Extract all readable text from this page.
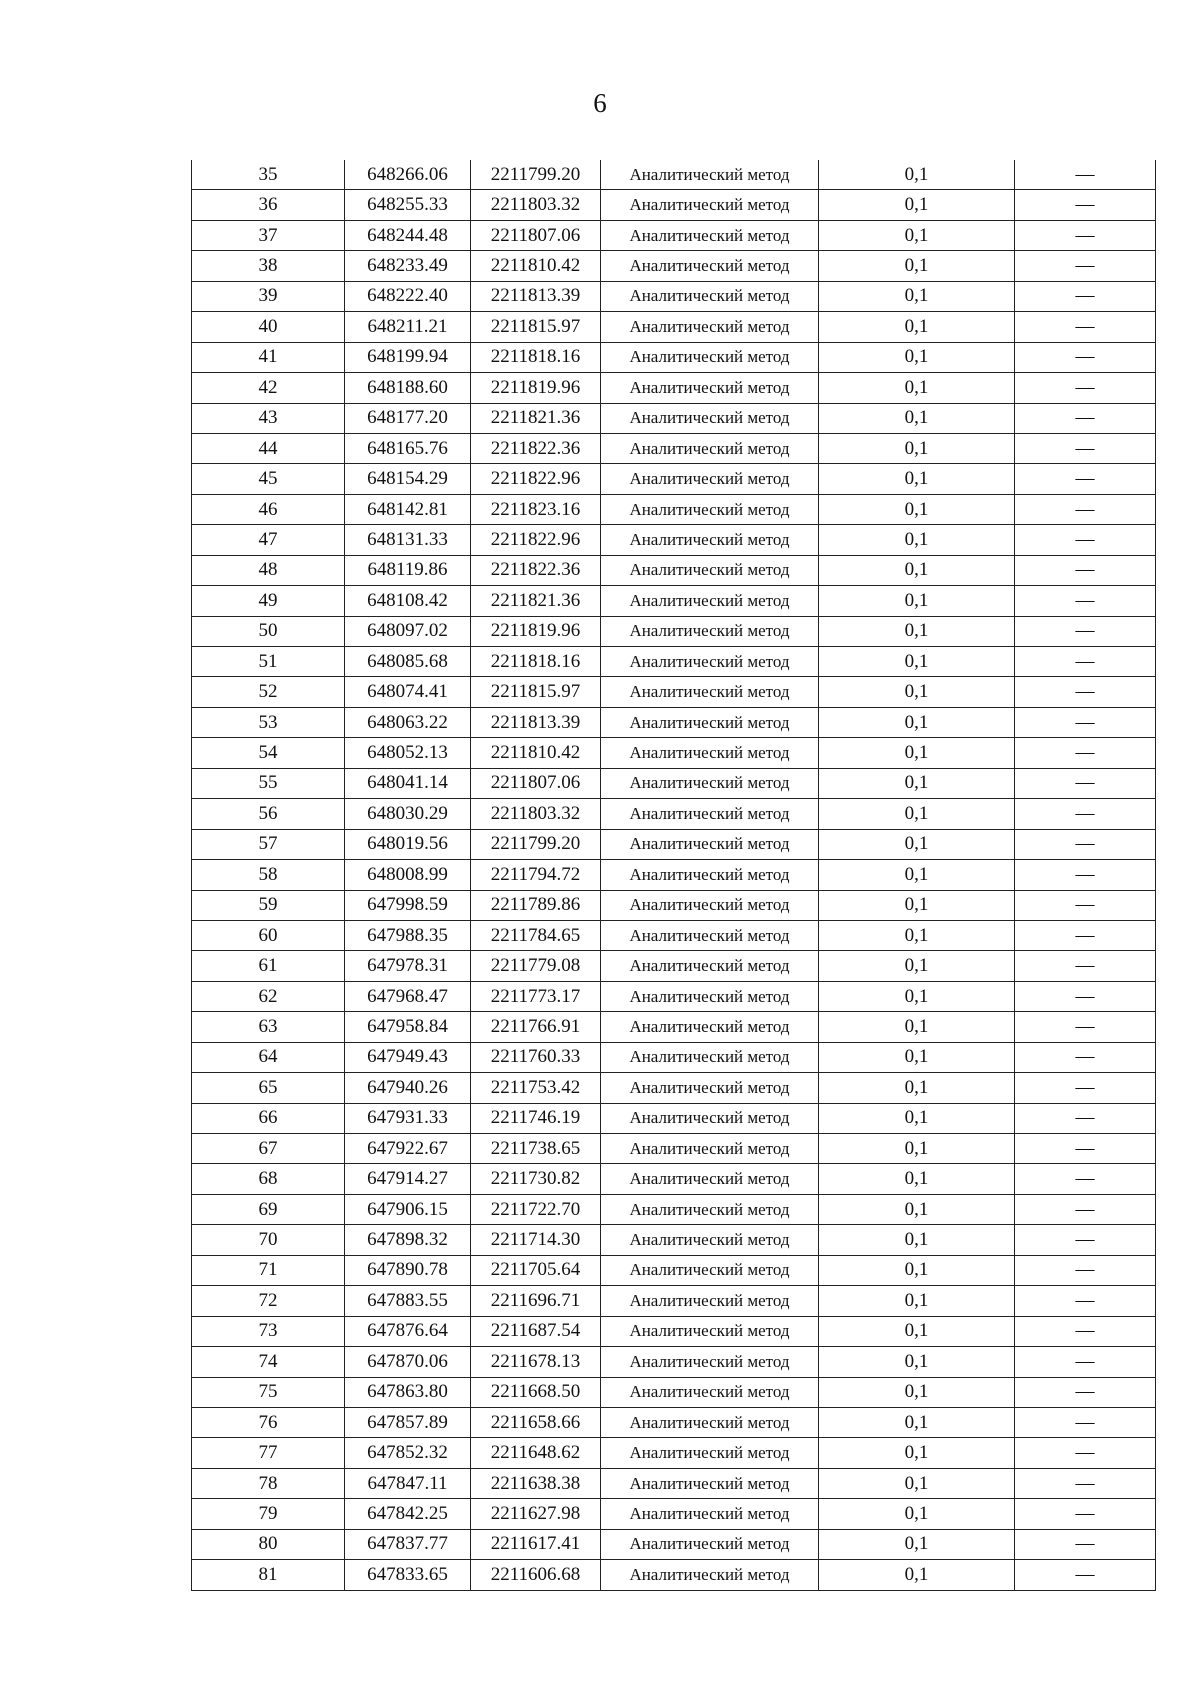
6
35	648266.06	2211799.20	Аналитический метод	0,1	—
36	648255.33	2211803.32	Аналитический метод	0,1	—
37	648244.48	2211807.06	Аналитический метод	0,1	—
38	648233.49	2211810.42	Аналитический метод	0,1	—
39	648222.40	2211813.39	Аналитический метод	0,1	—
40	648211.21	2211815.97	Аналитический метод	0,1	—
41	648199.94	2211818.16	Аналитический метод	0,1	—
42	648188.60	2211819.96	Аналитический метод	0,1	—
43	648177.20	2211821.36	Аналитический метод	0,1	—
44	648165.76	2211822.36	Аналитический метод	0,1	—
45	648154.29	2211822.96	Аналитический метод	0,1	—
46	648142.81	2211823.16	Аналитический метод	0,1	—
47	648131.33	2211822.96	Аналитический метод	0,1	—
48	648119.86	2211822.36	Аналитический метод	0,1	—
49	648108.42	2211821.36	Аналитический метод	0,1	—
50	648097.02	2211819.96	Аналитический метод	0,1	—
51	648085.68	2211818.16	Аналитический метод	0,1	—
52	648074.41	2211815.97	Аналитический метод	0,1	—
53	648063.22	2211813.39	Аналитический метод	0,1	—
54	648052.13	2211810.42	Аналитический метод	0,1	—
55	648041.14	2211807.06	Аналитический метод	0,1	—
56	648030.29	2211803.32	Аналитический метод	0,1	—
57	648019.56	2211799.20	Аналитический метод	0,1	—
58	648008.99	2211794.72	Аналитический метод	0,1	—
59	647998.59	2211789.86	Аналитический метод	0,1	—
60	647988.35	2211784.65	Аналитический метод	0,1	—
61	647978.31	2211779.08	Аналитический метод	0,1	—
62	647968.47	2211773.17	Аналитический метод	0,1	—
63	647958.84	2211766.91	Аналитический метод	0,1	—
64	647949.43	2211760.33	Аналитический метод	0,1	—
65	647940.26	2211753.42	Аналитический метод	0,1	—
66	647931.33	2211746.19	Аналитический метод	0,1	—
67	647922.67	2211738.65	Аналитический метод	0,1	—
68	647914.27	2211730.82	Аналитический метод	0,1	—
69	647906.15	2211722.70	Аналитический метод	0,1	—
70	647898.32	2211714.30	Аналитический метод	0,1	—
71	647890.78	2211705.64	Аналитический метод	0,1	—
72	647883.55	2211696.71	Аналитический метод	0,1	—
73	647876.64	2211687.54	Аналитический метод	0,1	—
74	647870.06	2211678.13	Аналитический метод	0,1	—
75	647863.80	2211668.50	Аналитический метод	0,1	—
76	647857.89	2211658.66	Аналитический метод	0,1	—
77	647852.32	2211648.62	Аналитический метод	0,1	—
78	647847.11	2211638.38	Аналитический метод	0,1	—
79	647842.25	2211627.98	Аналитический метод	0,1	—
80	647837.77	2211617.41	Аналитический метод	0,1	—
81	647833.65	2211606.68	Аналитический метод	0,1	—
